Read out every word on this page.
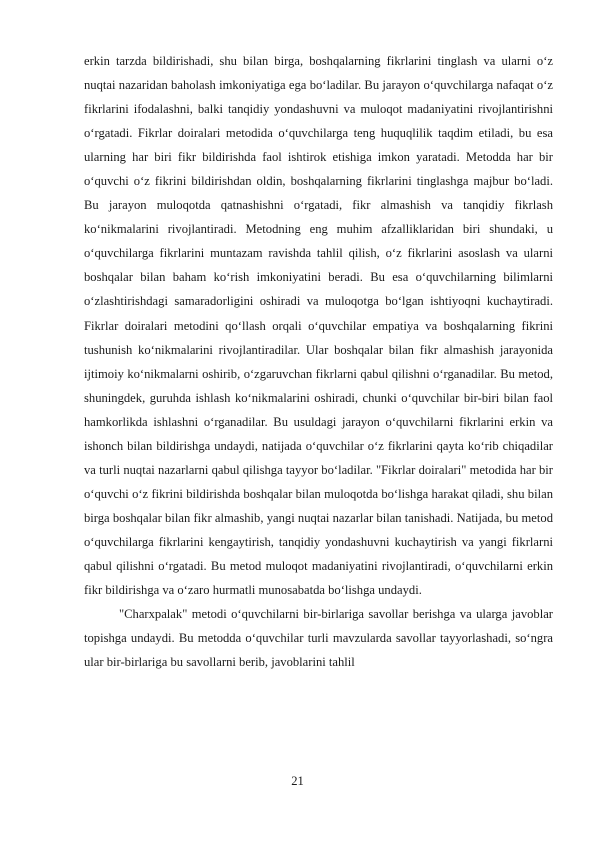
erkin tarzda bildirishadi, shu bilan birga, boshqalarning fikrlarini tinglash va ularni o‘z nuqtai nazaridan baholash imkoniyatiga ega bo‘ladilar. Bu jarayon o‘quvchilarga nafaqat o‘z fikrlarini ifodalashni, balki tanqidiy yondashuvni va muloqot madaniyatini rivojlantirishni o‘rgatadi. Fikrlar doiralari metodida o‘quvchilarga teng huquqlilik taqdim etiladi, bu esa ularning har biri fikr bildirishda faol ishtirok etishiga imkon yaratadi. Metodda har bir o‘quvchi o‘z fikrini bildirishdan oldin, boshqalarning fikrlarini tinglashga majbur bo‘ladi. Bu jarayon muloqotda qatnashishni o‘rgatadi, fikr almashish va tanqidiy fikrlash ko‘nikmalarini rivojlantiradi. Metodning eng muhim afzalliklaridan biri shundaki, u o‘quvchilarga fikrlarini muntazam ravishda tahlil qilish, o‘z fikrlarini asoslash va ularni boshqalar bilan baham ko‘rish imkoniyatini beradi. Bu esa o‘quvchilarning bilimlarni o‘zlashtirishdagi samaradorligini oshiradi va muloqotga bo‘lgan ishtiyoqni kuchaytiradi. Fikrlar doiralari metodini qo‘llash orqali o‘quvchilar empatiya va boshqalarning fikrini tushunish ko‘nikmalarini rivojlantiradilar. Ular boshqalar bilan fikr almashish jarayonida ijtimoiy ko‘nikmalarni oshirib, o‘zgaruvchan fikrlarni qabul qilishni o‘rganadilar. Bu metod, shuningdek, guruhda ishlash ko‘nikmalarini oshiradi, chunki o‘quvchilar bir-biri bilan faol hamkorlikda ishlashni o‘rganadilar. Bu usuldagi jarayon o‘quvchilarni fikrlarini erkin va ishonch bilan bildirishga undaydi, natijada o‘quvchilar o‘z fikrlarini qayta ko‘rib chiqadilar va turli nuqtai nazarlarni qabul qilishga tayyor bo‘ladilar. "Fikrlar doiralari" metodida har bir o‘quvchi o‘z fikrini bildirishda boshqalar bilan muloqotda bo‘lishga harakat qiladi, shu bilan birga boshqalar bilan fikr almashib, yangi nuqtai nazarlar bilan tanishadi. Natijada, bu metod o‘quvchilarga fikrlarini kengaytirish, tanqidiy yondashuvni kuchaytirish va yangi fikrlarni qabul qilishni o‘rgatadi. Bu metod muloqot madaniyatini rivojlantiradi, o‘quvchilarni erkin fikr bildirishga va o‘zaro hurmatli munosabatda bo‘lishga undaydi.

"Charxpalak" metodi o‘quvchilarni bir-birlariga savollar berishga va ularga javoblar topishga undaydi. Bu metodda o‘quvchilar turli mavzularda savollar tayyorlashadi, so‘ngra ular bir-birlariga bu savollarni berib, javoblarini tahlil

21
